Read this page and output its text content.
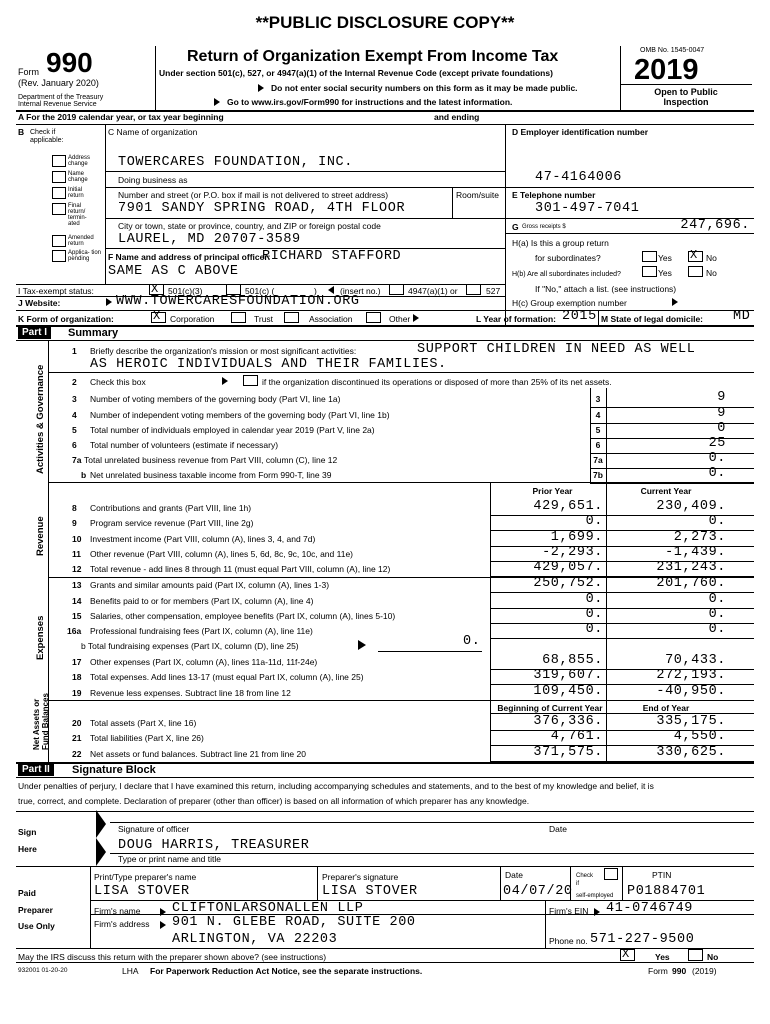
**PUBLIC DISCLOSURE COPY**
Form 990
(Rev. January 2020)
Department of the Treasury
Internal Revenue Service
Return of Organization Exempt From Income Tax
Under section 501(c), 527, or 4947(a)(1) of the Internal Revenue Code (except private foundations)
Do not enter social security numbers on this form as it may be made public.
Go to www.irs.gov/Form990 for instructions and the latest information.
OMB No. 1545-0047
2019
Open to Public
Inspection
A For the 2019 calendar year, or tax year beginning	and ending
B Check if
applicable:
Address change
Name change
Initial return
Final return/ termin- ated
Amended return
Applica- tion pending
C Name of organization
TOWERCARES FOUNDATION, INC.
Doing business as
Number and street (or P.O. box if mail is not delivered to street address)	Room/suite
7901 SANDY SPRING ROAD, 4TH FLOOR
City or town, state or province, country, and ZIP or foreign postal code
LAUREL, MD 20707-3589
F Name and address of principal officer:
RICHARD STAFFORD
SAME AS C ABOVE
D Employer identification number
47-4164006
E Telephone number
301-497-7041
G Gross receipts $	247,696.
H(a) Is this a group return
for subordinates?	Yes X No
H(b) Are all subordinates included?	Yes	No
If "No," attach a list. (see instructions)
I Tax-exempt status:	X 501(c)(3)	501(c) (	)	(insert no.)	4947(a)(1) or	527
J Website:	WWW.TOWERCARESFOUNDATION.ORG	H(c) Group exemption number
K Form of organization:	X Corporation	Trust	Association	Other	L Year of formation: 2015 M State of legal domicile: MD
Part I	Summary
Activities & Governance
Revenue
Expenses
Net Assets or Fund Balances
1 Briefly describe the organization's mission or most significant activities:	SUPPORT CHILDREN IN NEED AS WELL
AS HEROIC INDIVIDUALS AND THEIR FAMILIES.
2 Check this box	if the organization discontinued its operations or disposed of more than 25% of its net assets.
Prior Year	Current Year
Beginning of Current Year	End of Year
b Total fundraising expenses (Part IX, column (D), line 25)	0.
Part II	Signature Block
Under penalties of perjury, I declare that I have examined this return, including accompanying schedules and statements, and to the best of my knowledge and belief, it is
true, correct, and complete. Declaration of preparer (other than officer) is based on all information of which preparer has any knowledge.
Sign
Here
Signature of officer	Date
DOUG HARRIS, TREASURER
Type or print name and title
Paid
Preparer
Use Only
Print/Type preparer's name	Preparer's signature	Date	Check
if
self-employed
PTIN
LISA STOVER	LISA STOVER	04/07/20	P01884701
Firm's name CLIFTONLARSONALLEN LLP	Firm's EIN 41-0746749
Firm's address 901 N. GLEBE ROAD, SUITE 200
ARLINGTON, VA 22203	Phone no. 571-227-9500
May the IRS discuss this return with the preparer shown above? (see instructions)	X	Yes	No
932001 01-20-20	LHA For Paperwork Reduction Act Notice, see the separate instructions.	Form 990 (2019)
3 Number of voting members of the governing body (Part VI, line 1a)	3	9
4 Number of independent voting members of the governing body (Part VI, line 1b)	4	9
5 Total number of individuals employed in calendar year 2019 (Part V, line 2a)	5	0
6 Total number of volunteers (estimate if necessary)	6	25
7a Total unrelated business revenue from Part VIII, column (C), line 12	7a	0.
b Net unrelated business taxable income from Form 990-T, line 39	7b	0.
8 Contributions and grants (Part VIII, line 1h)	429,651.	230,409.
9 Program service revenue (Part VIII, line 2g)	0.	0.
10 Investment income (Part VIII, column (A), lines 3, 4, and 7d)	1,699.	2,273.
11 Other revenue (Part VIII, column (A), lines 5, 6d, 8c, 9c, 10c, and 11e)	-2,293.	-1,439.
12 Total revenue - add lines 8 through 11 (must equal Part VIII, column (A), line 12)	429,057.	231,243.
13 Grants and similar amounts paid (Part IX, column (A), lines 1-3)	250,752.	201,760.
14 Benefits paid to or for members (Part IX, column (A), line 4)	0.	0.
15 Salaries, other compensation, employee benefits (Part IX, column (A), lines 5-10)	0.	0.
16a Professional fundraising fees (Part IX, column (A), line 11e)	0.	0.
17 Other expenses (Part IX, column (A), lines 11a-11d, 11f-24e)	68,855.	70,433.
18 Total expenses. Add lines 13-17 (must equal Part IX, column (A), line 25)	319,607.	272,193.
19 Revenue less expenses. Subtract line 18 from line 12	109,450.	-40,950.
20 Total assets (Part X, line 16)	376,336.	335,175.
21 Total liabilities (Part X, line 26)	4,761.	4,550.
22 Net assets or fund balances. Subtract line 21 from line 20	371,575.	330,625.
